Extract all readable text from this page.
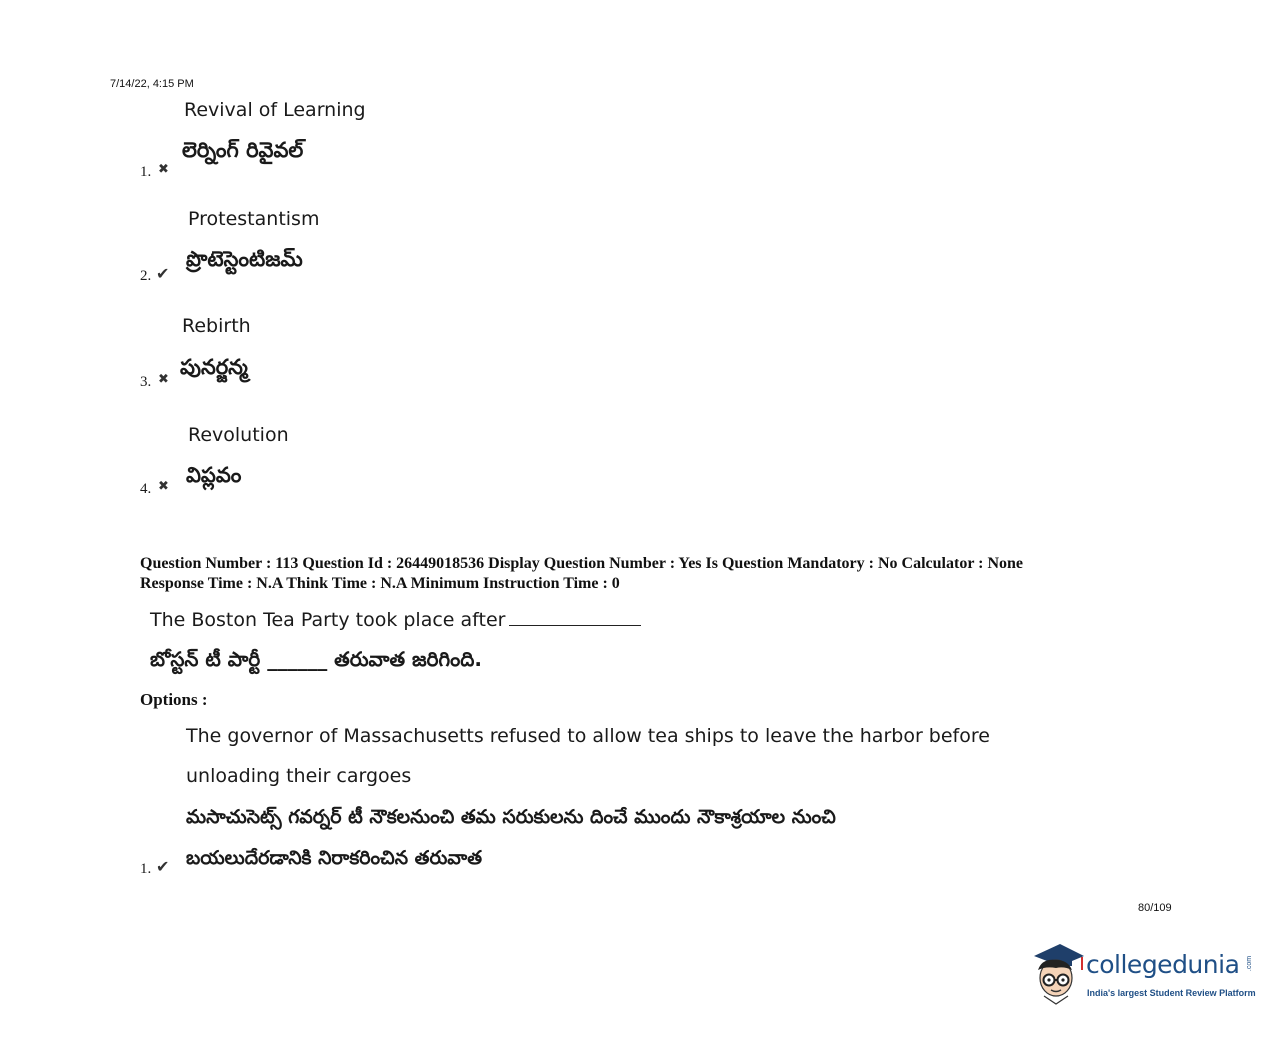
7/14/22, 4:15 PM
Revival of Learning
లెర్నింగ్ రివైవల్
1. ✖
Protestantism
ప్రొటెస్టెంటిజమ్
2. ✔
Rebirth
పునర్జన్మ
3. ✖
Revolution
విప్లవం
4. ✖
Question Number : 113 Question Id : 26449018536 Display Question Number : Yes Is Question Mandatory : No Calculator : None
Response Time : N.A Think Time : N.A Minimum Instruction Time : 0
The Boston Tea Party took place after
బోస్టన్ టీ పార్టీ ______ తరువాత జరిగింది.
Options :
The governor of Massachusetts refused to allow tea ships to leave the harbor before
unloading their cargoes
మసాచుసెట్స్ గవర్నర్ టీ నౌకలనుంచి తమ సరుకులను దించే ముందు నౌకాశ్రయాల నుంచి
బయలుదేరడానికి నిరాకరించిన తరువాత
1. ✔
80/109
collegedunia .com
India's largest Student Review Platform
